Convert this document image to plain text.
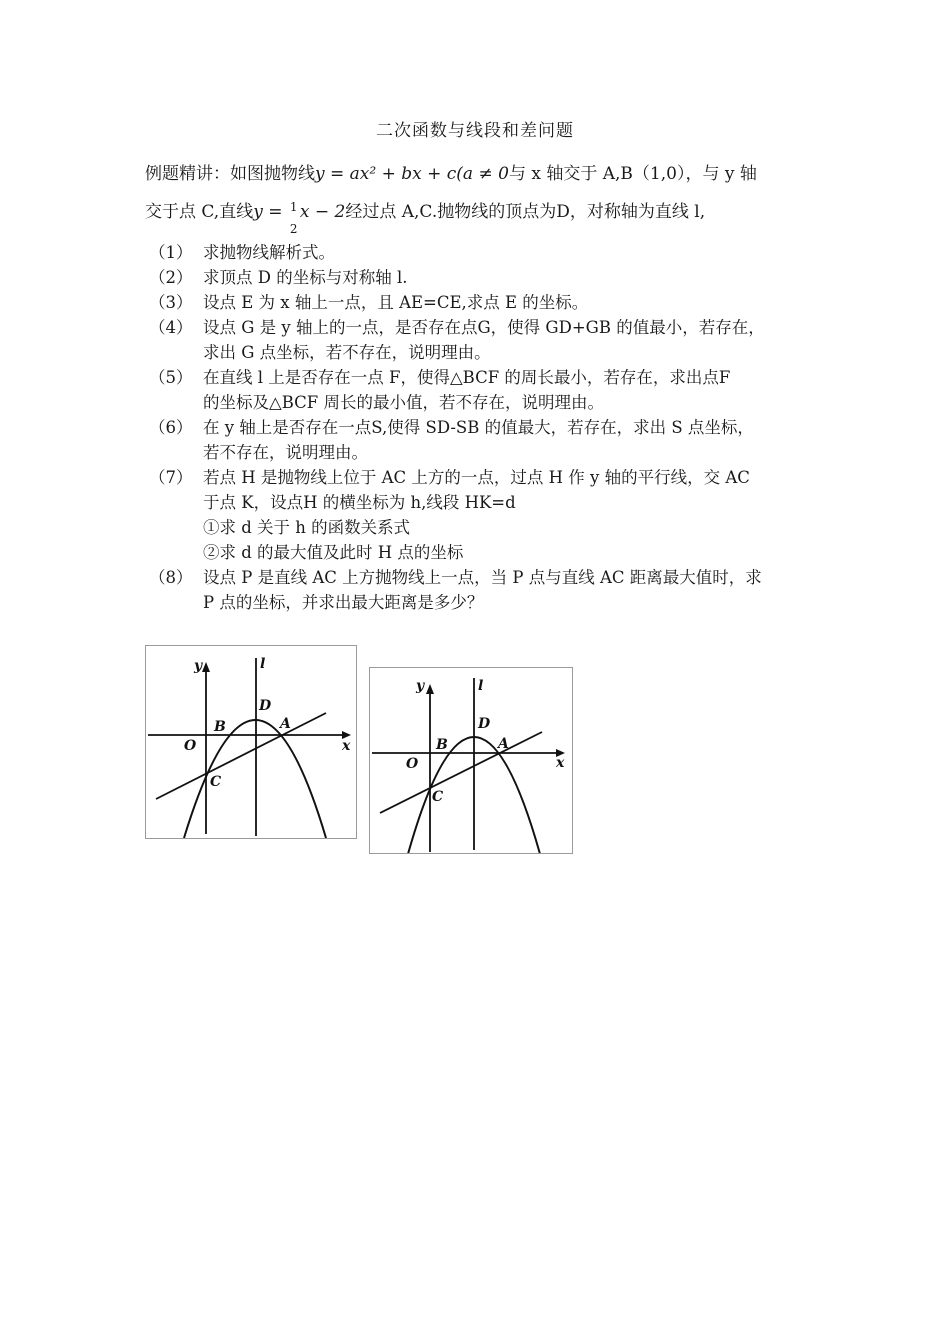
二次函数与线段和差问题
例题精讲：如图抛物线y = ax² + bx + c(a ≠ 0与 x 轴交于 A,B（1,0），与 y 轴
交于点 C,直线y = 1
2
x − 2经过点 A,C.抛物线的顶点为D，对称轴为直线 l,
（1） 求抛物线解析式。
（2） 求顶点 D 的坐标与对称轴 l.
（3） 设点 E 为 x 轴上一点，且 AE=CE,求点 E 的坐标。
（4） 设点 G 是 y 轴上的一点，是否存在点G，使得 GD+GB 的值最小，若存在，
求出 G 点坐标，若不存在，说明理由。
（5） 在直线 l 上是否存在一点 F，使得△BCF 的周长最小，若存在，求出点F
的坐标及△BCF 周长的最小值，若不存在，说明理由。
（6） 在 y 轴上是否存在一点S,使得 SD-SB 的值最大，若存在，求出 S 点坐标，
若不存在，说明理由。
（7） 若点 H 是抛物线上位于 AC 上方的一点，过点 H 作 y 轴的平行线，交 AC
于点 K，设点H 的横坐标为 h,线段 HK=d
①求 d 关于 h 的函数关系式
②求 d 的最大值及此时 H 点的坐标
（8） 设点 P 是直线 AC 上方抛物线上一点，当 P 点与直线 AC 距离最大值时，求
P 点的坐标，并求出最大距离是多少？
y	l
D
B	A
O	x
C
y	l
D
B	A
O	x
C
